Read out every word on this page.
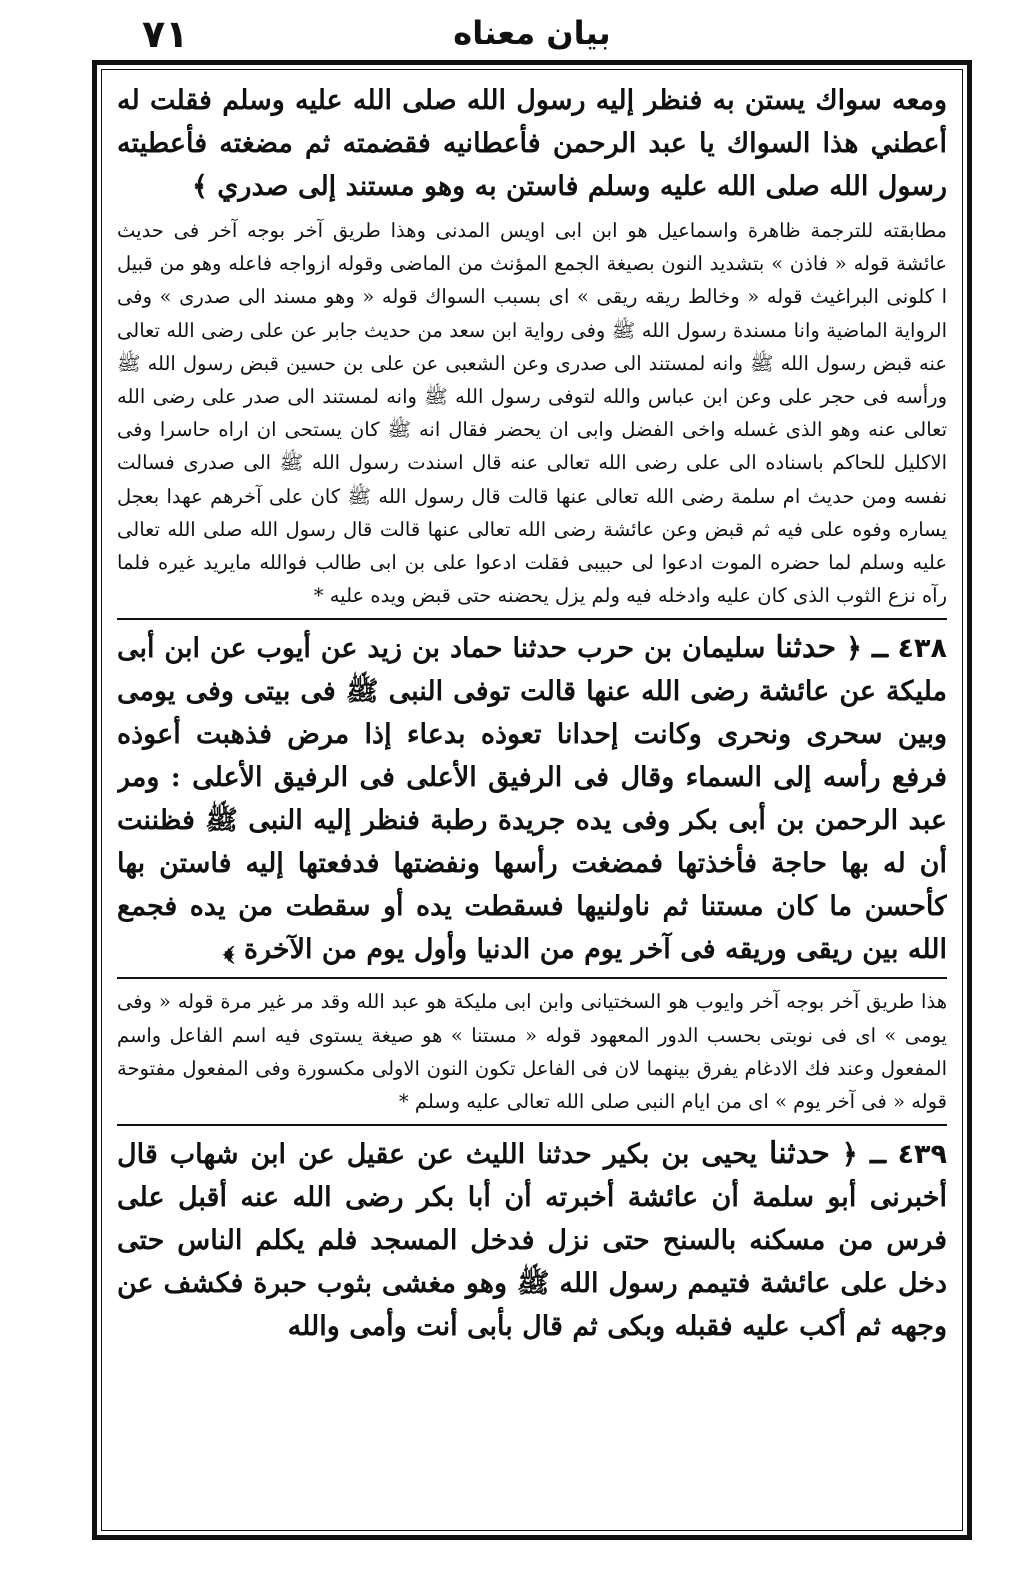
٧١	بيان معناه

ومعه سواك يستن به فنظر إليه رسول الله صلى الله عليه وسلم فقلت له أعطني هذا السواك يا عبد الرحمن فأعطانيه فقضمته ثم مضغته فأعطيته رسول الله صلى الله عليه وسلم فاستن به وهو مستند إلى صدري ﴾

مطابقته للترجمة ظاهرة واسماعيل هو ابن ابى اويس المدنى وهذا طريق آخر بوجه آخر فى حديث عائشة قوله « فاذن » بتشديد النون بصيغة الجمع المؤنث من الماضى وقوله ازواجه فاعله وهو من قبيل ا كلونى البراغيث قوله « وخالط ريقه ريقى » اى بسبب السواك قوله « وهو مسند الى صدرى » وفى الرواية الماضية وانا مسندة رسول الله ﷺ وفى رواية ابن سعد من حديث جابر عن على رضى الله تعالى عنه قبض رسول الله ﷺ وانه لمستند الى صدرى وعن الشعبى عن على بن حسين قبض رسول الله ﷺ ورأسه فى حجر على وعن ابن عباس والله لتوفى رسول الله ﷺ وانه لمستند الى صدر على رضى الله تعالى عنه وهو الذى غسله واخى الفضل وابى ان يحضر فقال انه ﷺ كان يستحى ان اراه حاسرا وفى الاكليل للحاكم باسناده الى على رضى الله تعالى عنه قال اسندت رسول الله ﷺ الى صدرى فسالت نفسه ومن حديث ام سلمة رضى الله تعالى عنها قالت قال رسول الله ﷺ كان على آخرهم عهدا بعجل يساره وفوه على فيه ثم قبض وعن عائشة رضى الله تعالى عنها قالت قال رسول الله صلى الله تعالى عليه وسلم لما حضره الموت ادعوا لى حبيبى فقلت ادعوا على بن ابى طالب فوالله مايريد غيره فلما رآه نزع الثوب الذى كان عليه وادخله فيه ولم يزل يحضنه حتى قبض ويده عليه *

٤٣٨ ـ ﴿ حدثنا سليمان بن حرب حدثنا حماد بن زيد عن أيوب عن ابن أبى مليكة عن عائشة رضى الله عنها قالت توفى النبى ﷺ فى بيتى وفى يومى وبين سحرى ونحرى وكانت إحدانا تعوذه بدعاء إذا مرض فذهبت أعوذه فرفع رأسه إلى السماء وقال فى الرفيق الأعلى فى الرفيق الأعلى : ومر عبد الرحمن بن أبى بكر وفى يده جريدة رطبة فنظر إليه النبى ﷺ فظننت أن له بها حاجة فأخذتها فمضغت رأسها ونفضتها فدفعتها إليه فاستن بها كأحسن ما كان مستنا ثم ناولنيها فسقطت يده أو سقطت من يده فجمع الله بين ريقى وريقه فى آخر يوم من الدنيا وأول يوم من الآخرة ﴾

هذا طريق آخر بوجه آخر وايوب هو السختيانى وابن ابى مليكة هو عبد الله وقد مر غير مرة قوله « وفى يومى » اى فى نوبتى بحسب الدور المعهود قوله « مستنا » هو صيغة يستوى فيه اسم الفاعل واسم المفعول وعند فك الادغام يفرق بينهما لان فى الفاعل تكون النون الاولى مكسورة وفى المفعول مفتوحة قوله « فى آخر يوم » اى من ايام النبى صلى الله تعالى عليه وسلم *

٤٣٩ ـ ﴿ حدثنا يحيى بن بكير حدثنا الليث عن عقيل عن ابن شهاب قال أخبرنى أبو سلمة أن عائشة أخبرته أن أبا بكر رضى الله عنه أقبل على فرس من مسكنه بالسنح حتى نزل فدخل المسجد فلم يكلم الناس حتى دخل على عائشة فتيمم رسول الله ﷺ وهو مغشى بثوب حبرة فكشف عن وجهه ثم أكب عليه فقبله وبكى ثم قال بأبى أنت وأمى والله
